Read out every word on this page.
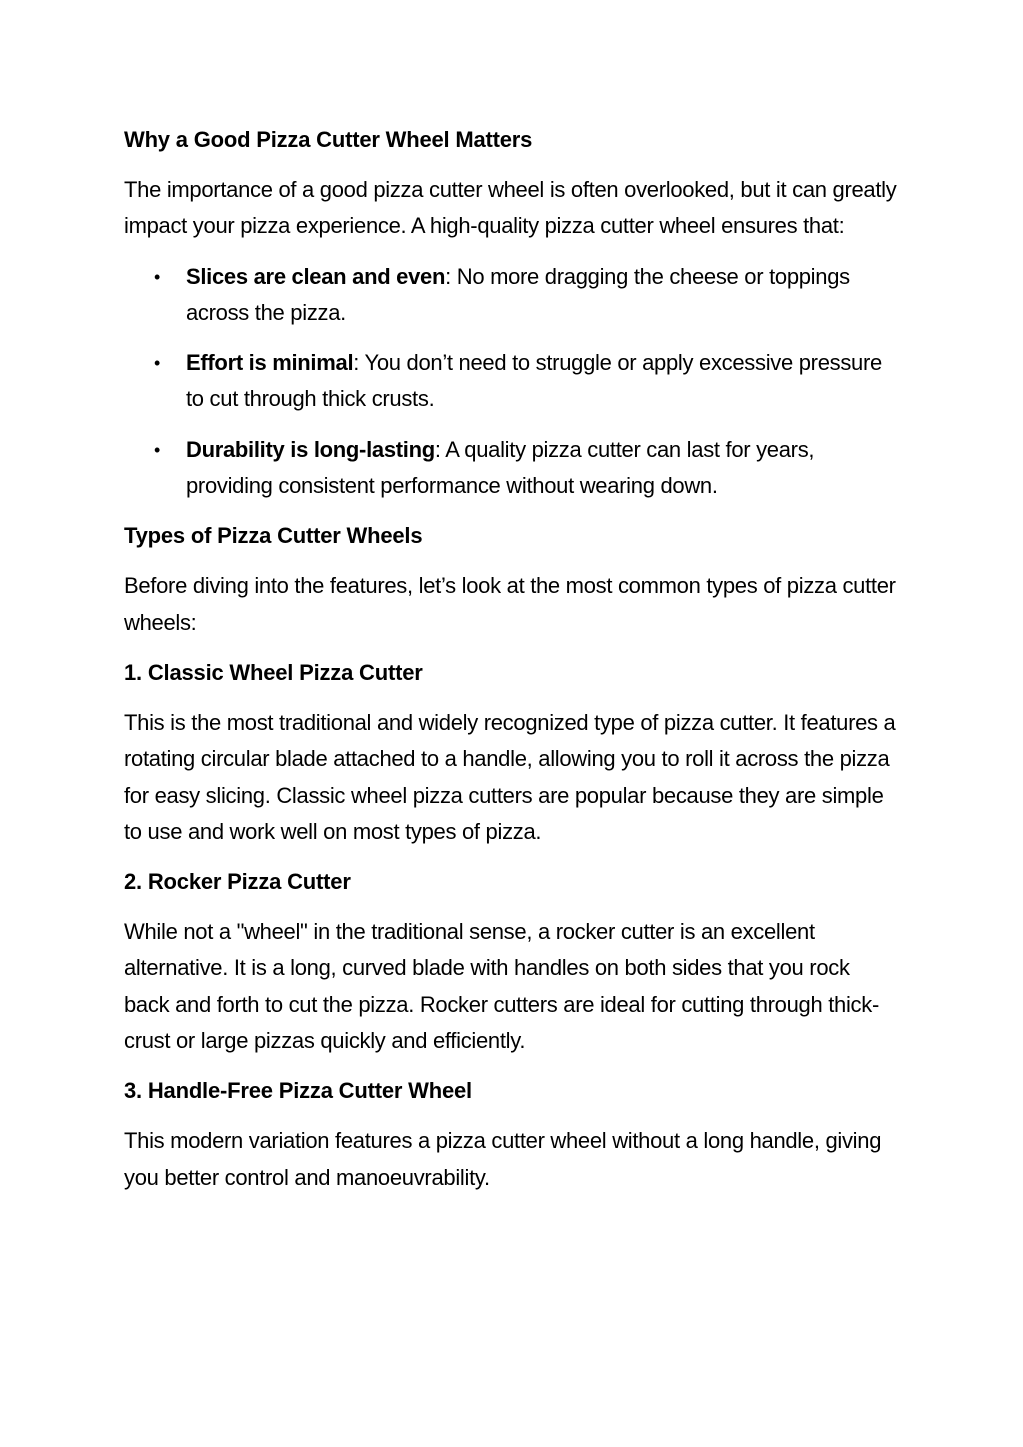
Why a Good Pizza Cutter Wheel Matters
The importance of a good pizza cutter wheel is often overlooked, but it can greatly impact your pizza experience. A high-quality pizza cutter wheel ensures that:
• Slices are clean and even: No more dragging the cheese or toppings across the pizza.
• Effort is minimal: You don’t need to struggle or apply excessive pressure to cut through thick crusts.
• Durability is long-lasting: A quality pizza cutter can last for years, providing consistent performance without wearing down.
Types of Pizza Cutter Wheels
Before diving into the features, let’s look at the most common types of pizza cutter wheels:
1. Classic Wheel Pizza Cutter
This is the most traditional and widely recognized type of pizza cutter. It features a rotating circular blade attached to a handle, allowing you to roll it across the pizza for easy slicing. Classic wheel pizza cutters are popular because they are simple to use and work well on most types of pizza.
2. Rocker Pizza Cutter
While not a "wheel" in the traditional sense, a rocker cutter is an excellent alternative. It is a long, curved blade with handles on both sides that you rock back and forth to cut the pizza. Rocker cutters are ideal for cutting through thick-crust or large pizzas quickly and efficiently.
3. Handle-Free Pizza Cutter Wheel
This modern variation features a pizza cutter wheel without a long handle, giving you better control and manoeuvrability.
